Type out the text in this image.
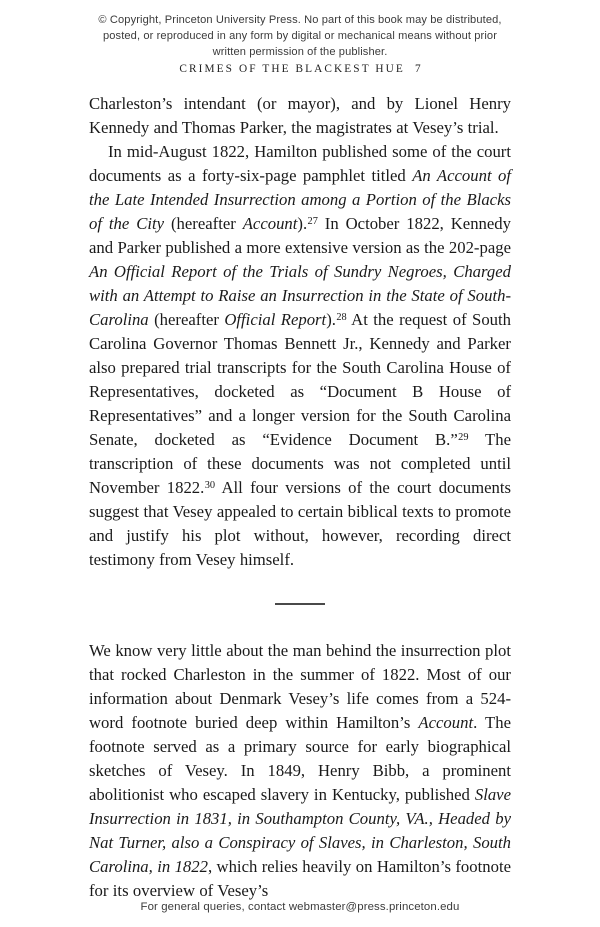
© Copyright, Princeton University Press. No part of this book may be distributed, posted, or reproduced in any form by digital or mechanical means without prior written permission of the publisher.
CRIMES OF THE BLACKEST HUE 7

Charleston’s intendant (or mayor), and by Lionel Henry Kennedy and Thomas Parker, the magistrates at Vesey’s trial.

In mid-August 1822, Hamilton published some of the court documents as a forty-six-page pamphlet titled An Account of the Late Intended Insurrection among a Portion of the Blacks of the City (hereafter Account).$^{27}$ In October 1822, Kennedy and Parker published a more extensive version as the 202-page An Official Report of the Trials of Sundry Negroes, Charged with an Attempt to Raise an Insurrection in the State of South-Carolina (hereafter Official Report).$^{28}$ At the request of South Carolina Governor Thomas Bennett Jr., Kennedy and Parker also prepared trial transcripts for the South Carolina House of Representatives, docketed as “Document B House of Representatives” and a longer version for the South Carolina Senate, docketed as “Evidence Document B.”$^{29}$ The transcription of these documents was not completed until November 1822.30 All four versions of the court documents suggest that Vesey appealed to certain biblical texts to promote and justify his plot without, however, recording direct testimony from Vesey himself.

We know very little about the man behind the insurrection plot that rocked Charleston in the summer of 1822. Most of our information about Denmark Vesey’s life comes from a 524-word footnote buried deep within Hamilton’s Account. The footnote served as a primary source for early biographical sketches of Vesey. In 1849, Henry Bibb, a prominent abolitionist who escaped slavery in Kentucky, published Slave Insurrection in 1831, in Southampton County, VA., Headed by Nat Turner, also a Conspiracy of Slaves, in Charleston, South Carolina, in 1822, which relies heavily on Hamilton’s footnote for its overview of Vesey’s

For general queries, contact webmaster@press.princeton.edu
